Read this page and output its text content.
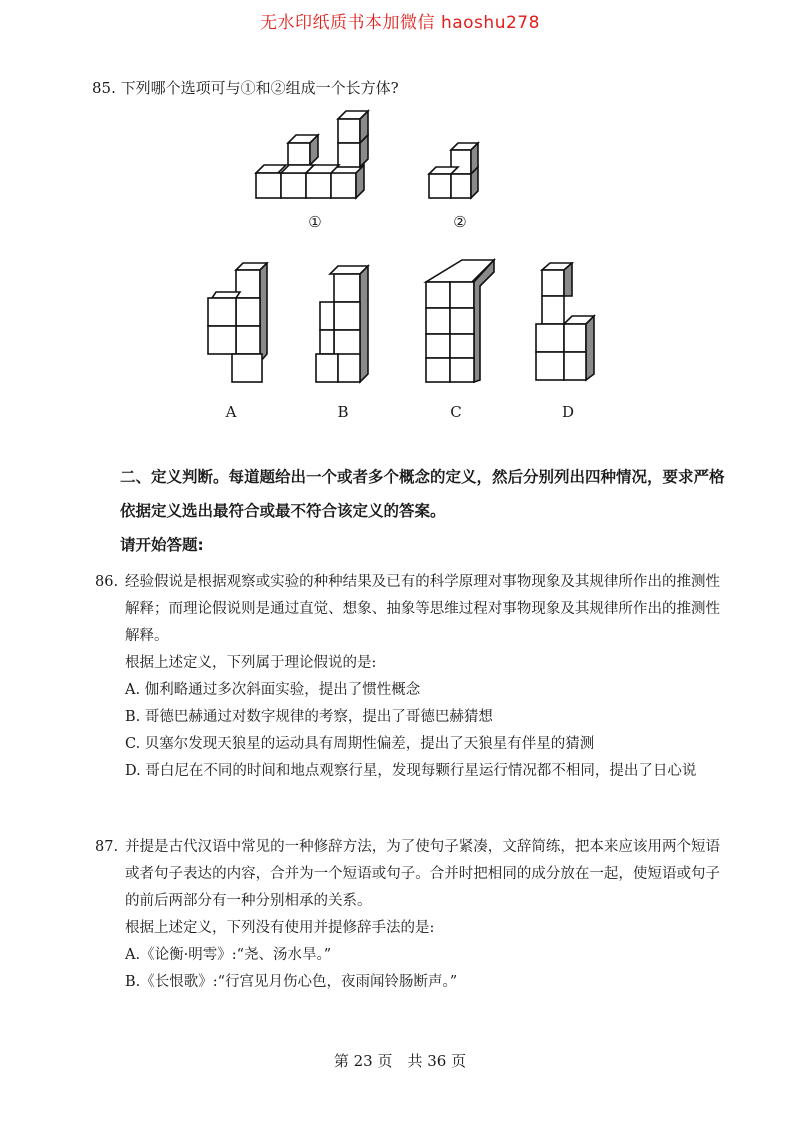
无水印纸质书本加微信 haoshu278
85. 下列哪个选项可与①和②组成一个长方体?
①	②
A	B	C	D
二、定义判断。每道题给出一个或者多个概念的定义，然后分别列出四种情况，要求严格依据定义选出最符合或最不符合该定义的答案。
请开始答题:
86. 经验假说是根据观察或实验的种种结果及已有的科学原理对事物现象及其规律所作出的推测性解释；而理论假说则是通过直觉、想象、抽象等思维过程对事物现象及其规律所作出的推测性解释。
根据上述定义，下列属于理论假说的是:
A. 伽利略通过多次斜面实验，提出了惯性概念
B. 哥德巴赫通过对数字规律的考察，提出了哥德巴赫猜想
C. 贝塞尔发现天狼星的运动具有周期性偏差，提出了天狼星有伴星的猜测
D. 哥白尼在不同的时间和地点观察行星，发现每颗行星运行情况都不相同，提出了日心说
87. 并提是古代汉语中常见的一种修辞方法，为了使句子紧凑，文辞简练，把本来应该用两个短语或者句子表达的内容，合并为一个短语或句子。合并时把相同的成分放在一起，使短语或句子的前后两部分有一种分别相承的关系。
根据上述定义，下列没有使用并提修辞手法的是:
A.《论衡·明雩》:“尧、汤水旱。”
B.《长恨歌》:“行宫见月伤心色，夜雨闻铃肠断声。”
第 23 页　共 36 页
